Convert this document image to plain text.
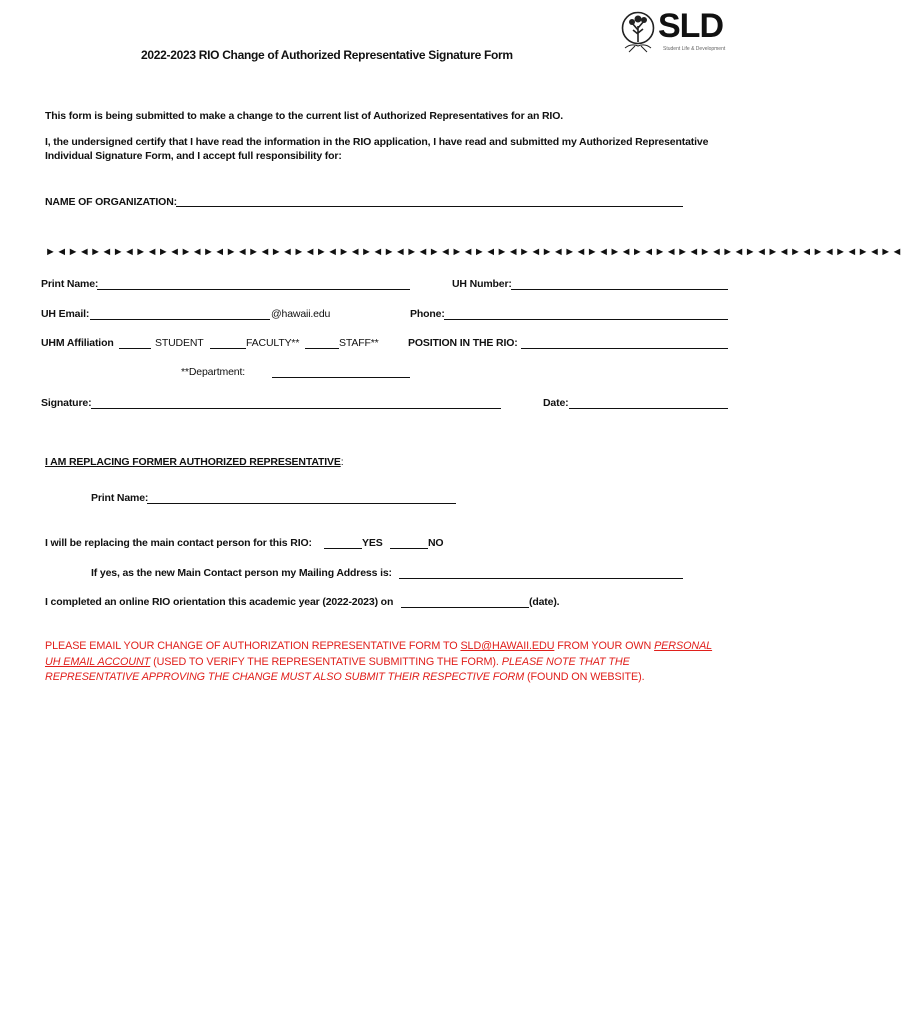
SLD
Student Life & Development
2022-2023 RIO Change of Authorized Representative Signature Form
This form is being submitted to make a change to the current list of Authorized Representatives for an RIO.
I, the undersigned certify that I have read the information in the RIO application, I have read and submitted my Authorized Representative
Individual Signature Form, and I accept full responsibility for:
NAME OF ORGANIZATION:
►◄►◄►◄►◄►◄►◄►◄►◄►◄►◄►◄►◄►◄►◄►◄►◄►◄►◄►◄►◄►◄►◄►◄►◄►◄►◄►◄►◄►◄►◄►◄►◄►◄►◄►◄►◄►◄►◄
Print Name:	UH Number:
UH Email:	@hawaii.edu	Phone:
UHM Affiliation	STUDENT	FACULTY**	STAFF**	POSITION IN THE RIO:
**Department:
Signature:	Date:
I AM REPLACING FORMER AUTHORIZED REPRESENTATIVE:
Print Name:
I will be replacing the main contact person for this RIO:	YES	NO
If yes, as the new Main Contact person my Mailing Address is:
I completed an online RIO orientation this academic year (2022-2023) on	(date).
PLEASE EMAIL YOUR CHANGE OF AUTHORIZATION REPRESENTATIVE FORM TO SLD@HAWAII.EDU FROM YOUR OWN PERSONAL UH EMAIL ACCOUNT (USED TO VERIFY THE REPRESENTATIVE SUBMITTING THE FORM). PLEASE NOTE THAT THE REPRESENTATIVE APPROVING THE CHANGE MUST ALSO SUBMIT THEIR RESPECTIVE FORM (FOUND ON WEBSITE).
